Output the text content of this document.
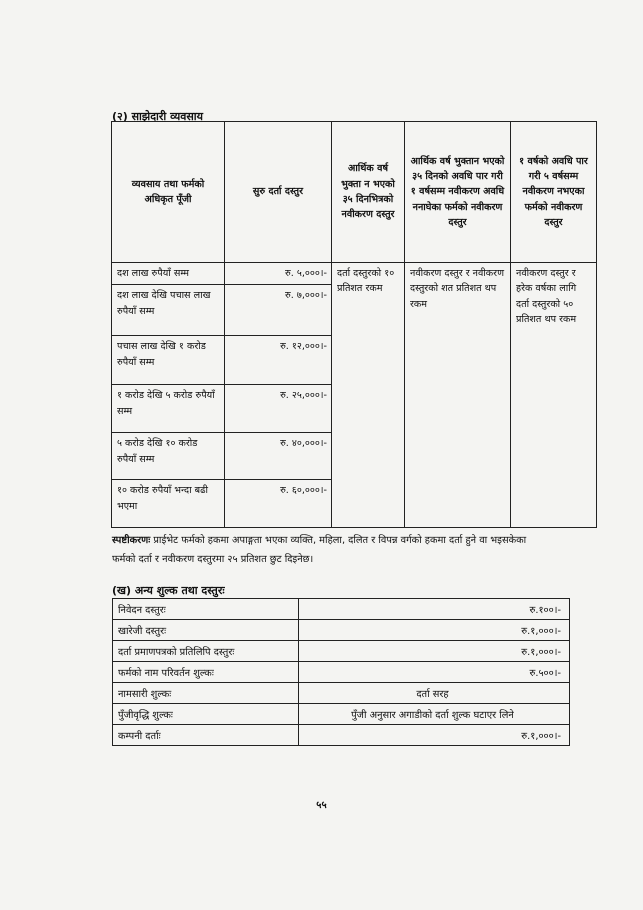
(२) साझेदारी व्यवसाय
व्यवसाय तथा फर्मको अधिकृत पूँजी	सुरु दर्ता दस्तुर	आर्थिक वर्ष भुक्ता न भएको ३५ दिनभित्रको नवीकरण दस्तुर	आर्थिक वर्ष भुक्तान भएको ३५ दिनको अवधि पार गरी १ वर्षसम्म नवीकरण अवधि ननाघेका फर्मको नवीकरण दस्तुर	१ वर्षको अवधि पार गरी ५ वर्षसम्म नवीकरण नभएका फर्मको नवीकरण दस्तुर
दश लाख रुपैयाँ सम्म	रु. ५,०००।-	दर्ता दस्तुरको १० प्रतिशत रकम	नवीकरण दस्तुर र नवीकरण दस्तुरको शत प्रतिशत थप रकम	नवीकरण दस्तुर र हरेक वर्षका लागि दर्ता दस्तुरको ५० प्रतिशत थप रकम
दश लाख देखि पचास लाख रुपैयाँ सम्म	रु. ७,०००।-			
पचास लाख देखि १ करोड रुपैयाँ सम्म	रु. १२,०००।-			
१ करोड देखि ५ करोड रुपैयाँ सम्म	रु. २५,०००।-			
५ करोड देखि १० करोड रुपैयाँ सम्म	रु. ४०,०००।-			
१० करोड रुपैयाँ भन्दा बढी भएमा	रु. ६०,०००।-			
स्पष्टीकरणः प्राईभेट फर्मको हकमा अपाङ्गता भएका व्यक्ति, महिला, दलित र विपन्न वर्गको हकमा दर्ता हुने वा भइसकेका फर्मको दर्ता र नवीकरण दस्तुरमा २५ प्रतिशत छुट दिइनेछ।
(ख) अन्य शुल्क तथा दस्तुरः
निवेदन दस्तुरः	रु.१००।-
खारेजी दस्तुरः	रु.१,०००।-
दर्ता प्रमाणपत्रको प्रतिलिपि दस्तुरः	रु.१,०००।-
फर्मको नाम परिवर्तन शुल्कः	रु.५००।-
नामसारी शुल्कः	दर्ता सरह
पुँजीवृद्धि शुल्कः	पुँजी अनुसार अगाडीको दर्ता शुल्क घटाएर लिने
कम्पनी दर्ताः	रु.१,०००।-
५५
